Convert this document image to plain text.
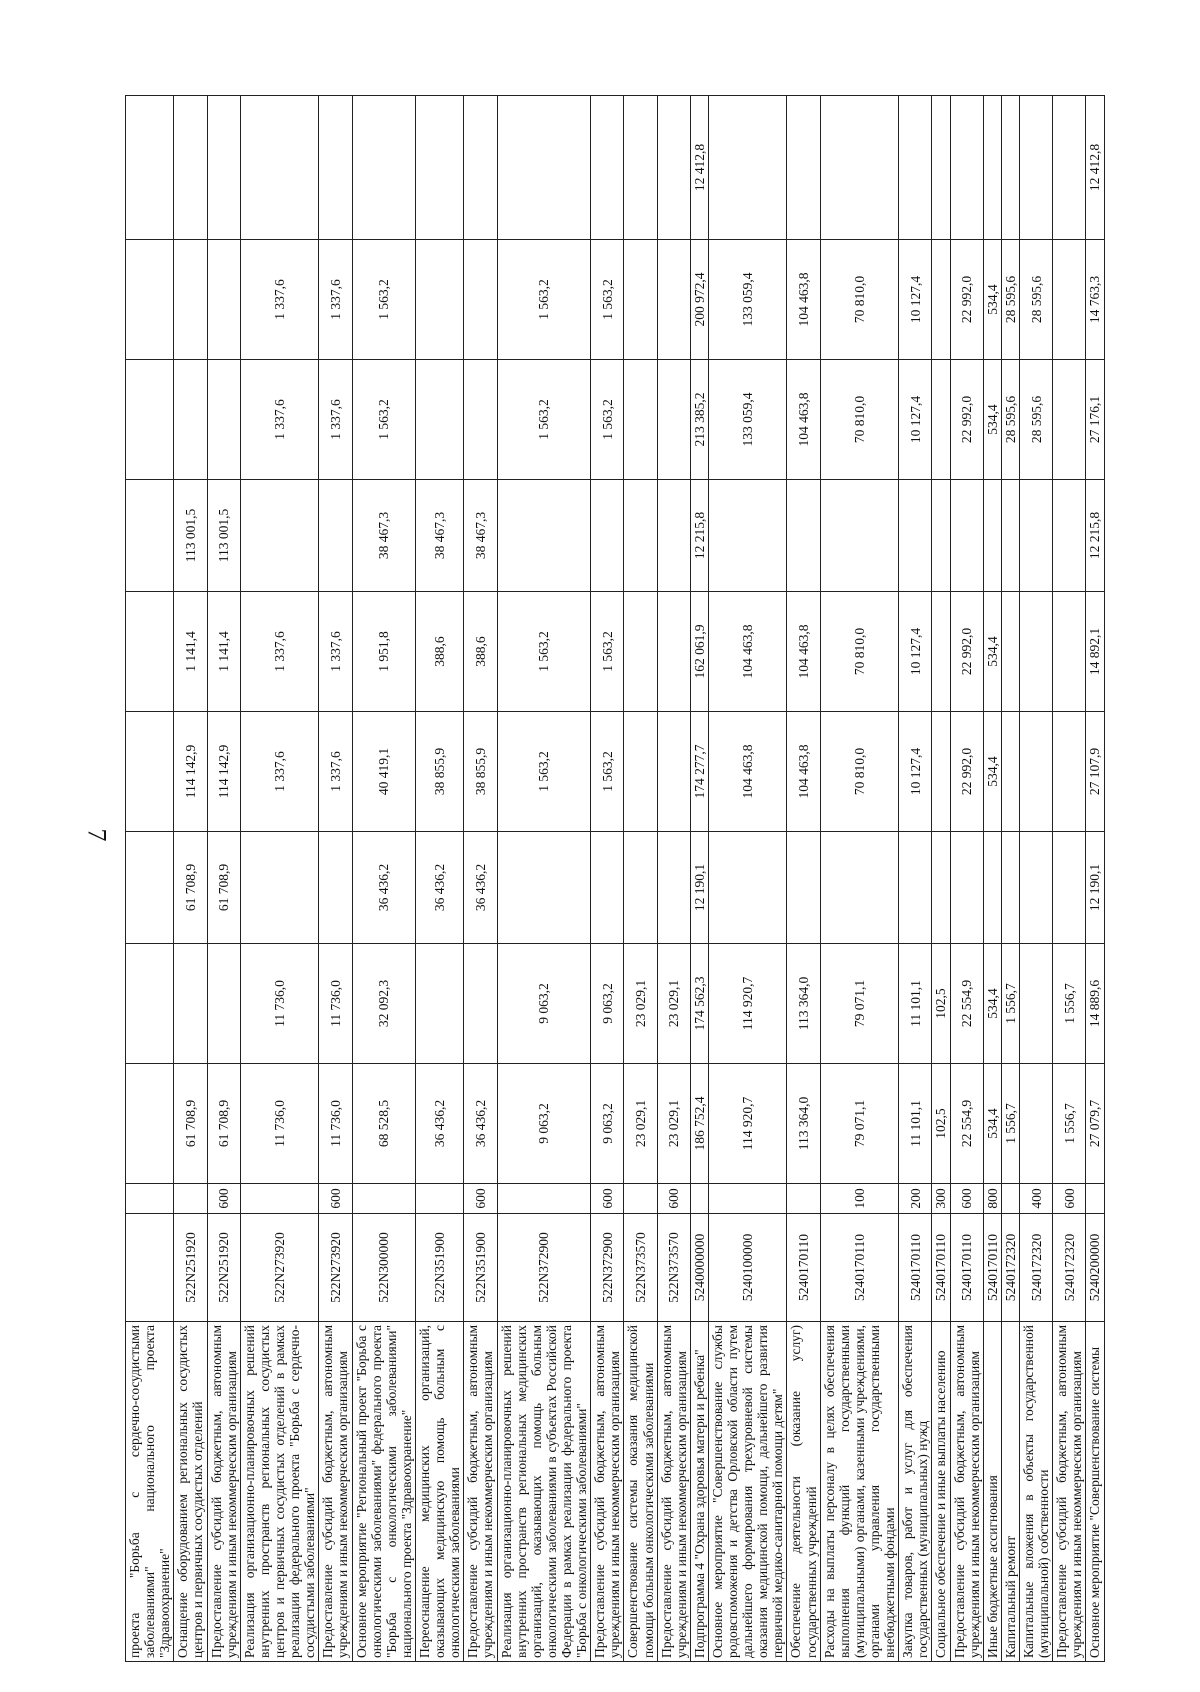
7
проекта "Борьба с сердечно-сосудистыми заболеваниями" национального проекта "Здравоохранение"											
Оснащение оборудованием региональных сосудистых центров и первичных сосудистых отделений	522N251920		61 708,9		61 708,9	114 142,9	1 141,4	113 001,5			
Предоставление субсидий бюджетным, автономным учреждениям и иным некоммерческим организациям	522N251920	600	61 708,9		61 708,9	114 142,9	1 141,4	113 001,5			
Реализация организационно-планировочных решений внутренних пространств региональных сосудистых центров и первичных сосудистых отделений в рамках реализации федерального проекта "Борьба с сердечно-сосудистыми заболеваниями"	522N273920		11 736,0	11 736,0		1 337,6	1 337,6		1 337,6	1 337,6	
Предоставление субсидий бюджетным, автономным учреждениям и иным некоммерческим организациям	522N273920	600	11 736,0	11 736,0		1 337,6	1 337,6		1 337,6	1 337,6	
Основное мероприятие "Региональный проект "Борьба с онкологическими заболеваниями" федерального проекта "Борьба с онкологическими заболеваниями" национального проекта "Здравоохранение"	522N300000		68 528,5	32 092,3	36 436,2	40 419,1	1 951,8	38 467,3	1 563,2	1 563,2	
Переоснащение медицинских организаций, оказывающих медицинскую помощь больным с онкологическими заболеваниями	522N351900		36 436,2		36 436,2	38 855,9	388,6	38 467,3			
Предоставление субсидий бюджетным, автономным учреждениям и иным некоммерческим организациям	522N351900	600	36 436,2		36 436,2	38 855,9	388,6	38 467,3			
Реализация организационно-планировочных решений внутренних пространств региональных медицинских организаций, оказывающих помощь больным онкологическими заболеваниями в субъектах Российской Федерации в рамках реализации федерального проекта "Борьба с онкологическими заболеваниями"	522N372900		9 063,2	9 063,2		1 563,2	1 563,2		1 563,2	1 563,2	
Предоставление субсидий бюджетным, автономным учреждениям и иным некоммерческим организациям	522N372900	600	9 063,2	9 063,2		1 563,2	1 563,2		1 563,2	1 563,2	
Совершенствование системы оказания медицинской помощи больным онкологическими заболеваниями	522N373570		23 029,1	23 029,1							
Предоставление субсидий бюджетным, автономным учреждениям и иным некоммерческим организациям	522N373570	600	23 029,1	23 029,1							
Подпрограмма 4 "Охрана здоровья матери и ребенка"	5240000000		186 752,4	174 562,3	12 190,1	174 277,7	162 061,9	12 215,8	213 385,2	200 972,4	12 412,8
Основное мероприятие "Совершенствование службы родовспоможения и детства Орловской области путем дальнейшего формирования трехуровневой системы оказания медицинской помощи, дальнейшего развития первичной медико-санитарной помощи детям"	5240100000		114 920,7	114 920,7		104 463,8	104 463,8		133 059,4	133 059,4	
Обеспечение деятельности (оказание услуг) государственных учреждений	5240170110		113 364,0	113 364,0		104 463,8	104 463,8		104 463,8	104 463,8	
Расходы на выплаты персоналу в целях обеспечения выполнения функций государственными (муниципальными) органами, казенными учреждениями, органами управления государственными внебюджетными фондами	5240170110	100	79 071,1	79 071,1		70 810,0	70 810,0		70 810,0	70 810,0	
Закупка товаров, работ и услуг для обеспечения государственных (муниципальных) нужд	5240170110	200	11 101,1	11 101,1		10 127,4	10 127,4		10 127,4	10 127,4	
Социальное обеспечение и иные выплаты населению	5240170110	300	102,5	102,5							
Предоставление субсидий бюджетным, автономным учреждениям и иным некоммерческим организациям	5240170110	600	22 554,9	22 554,9		22 992,0	22 992,0		22 992,0	22 992,0	
Иные бюджетные ассигнования	5240170110	800	534,4	534,4		534,4	534,4		534,4	534,4	
Капитальный ремонт	5240172320		1 556,7	1 556,7					28 595,6	28 595,6	
Капитальные вложения в объекты государственной (муниципальной) собственности	5240172320	400							28 595,6	28 595,6	
Предоставление субсидий бюджетным, автономным учреждениям и иным некоммерческим организациям	5240172320	600	1 556,7	1 556,7							
Основное мероприятие "Совершенствование системы	5240200000		27 079,7	14 889,6	12 190,1	27 107,9	14 892,1	12 215,8	27 176,1	14 763,3	12 412,8
